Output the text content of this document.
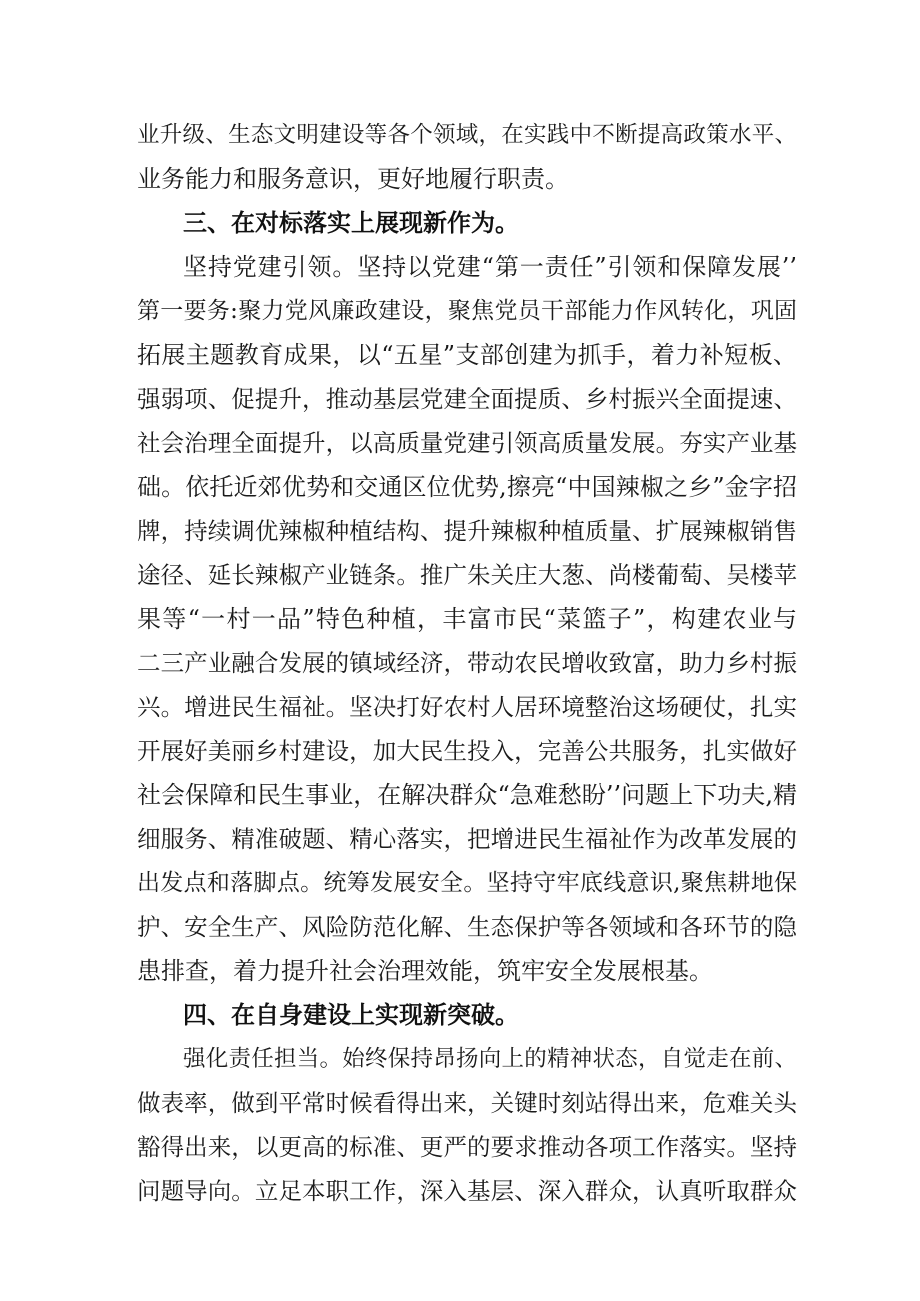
业升级、生态文明建设等各个领域，在实践中不断提高政策水平、
业务能力和服务意识，更好地履行职责。
三、在对标落实上展现新作为。
坚持党建引领。坚持以党建“第一责任”引领和保障发展’’
第一要务:聚力党风廉政建设，聚焦党员干部能力作风转化，巩固
拓展主题教育成果，以“五星”支部创建为抓手，着力补短板、
强弱项、促提升，推动基层党建全面提质、乡村振兴全面提速、
社会治理全面提升，以高质量党建引领高质量发展。夯实产业基
础。依托近郊优势和交通区位优势,擦亮“中国辣椒之乡”金字招
牌，持续调优辣椒种植结构、提升辣椒种植质量、扩展辣椒销售
途径、延长辣椒产业链条。推广朱关庄大葱、尚楼葡萄、吴楼苹
果等“一村一品”特色种植，丰富市民“菜篮子”，构建农业与
二三产业融合发展的镇域经济，带动农民增收致富，助力乡村振
兴。增进民生福祉。坚决打好农村人居环境整治这场硬仗，扎实
开展好美丽乡村建设，加大民生投入，完善公共服务，扎实做好
社会保障和民生事业，在解决群众“急难愁盼’’问题上下功夫,精
细服务、精准破题、精心落实，把增进民生福祉作为改革发展的
出发点和落脚点。统筹发展安全。坚持守牢底线意识,聚焦耕地保
护、安全生产、风险防范化解、生态保护等各领域和各环节的隐
患排查，着力提升社会治理效能，筑牢安全发展根基。
四、在自身建设上实现新突破。
强化责任担当。始终保持昂扬向上的精神状态，自觉走在前、
做表率，做到平常时候看得出来，关键时刻站得出来，危难关头
豁得出来，以更高的标准、更严的要求推动各项工作落实。坚持
问题导向。立足本职工作，深入基层、深入群众，认真听取群众
